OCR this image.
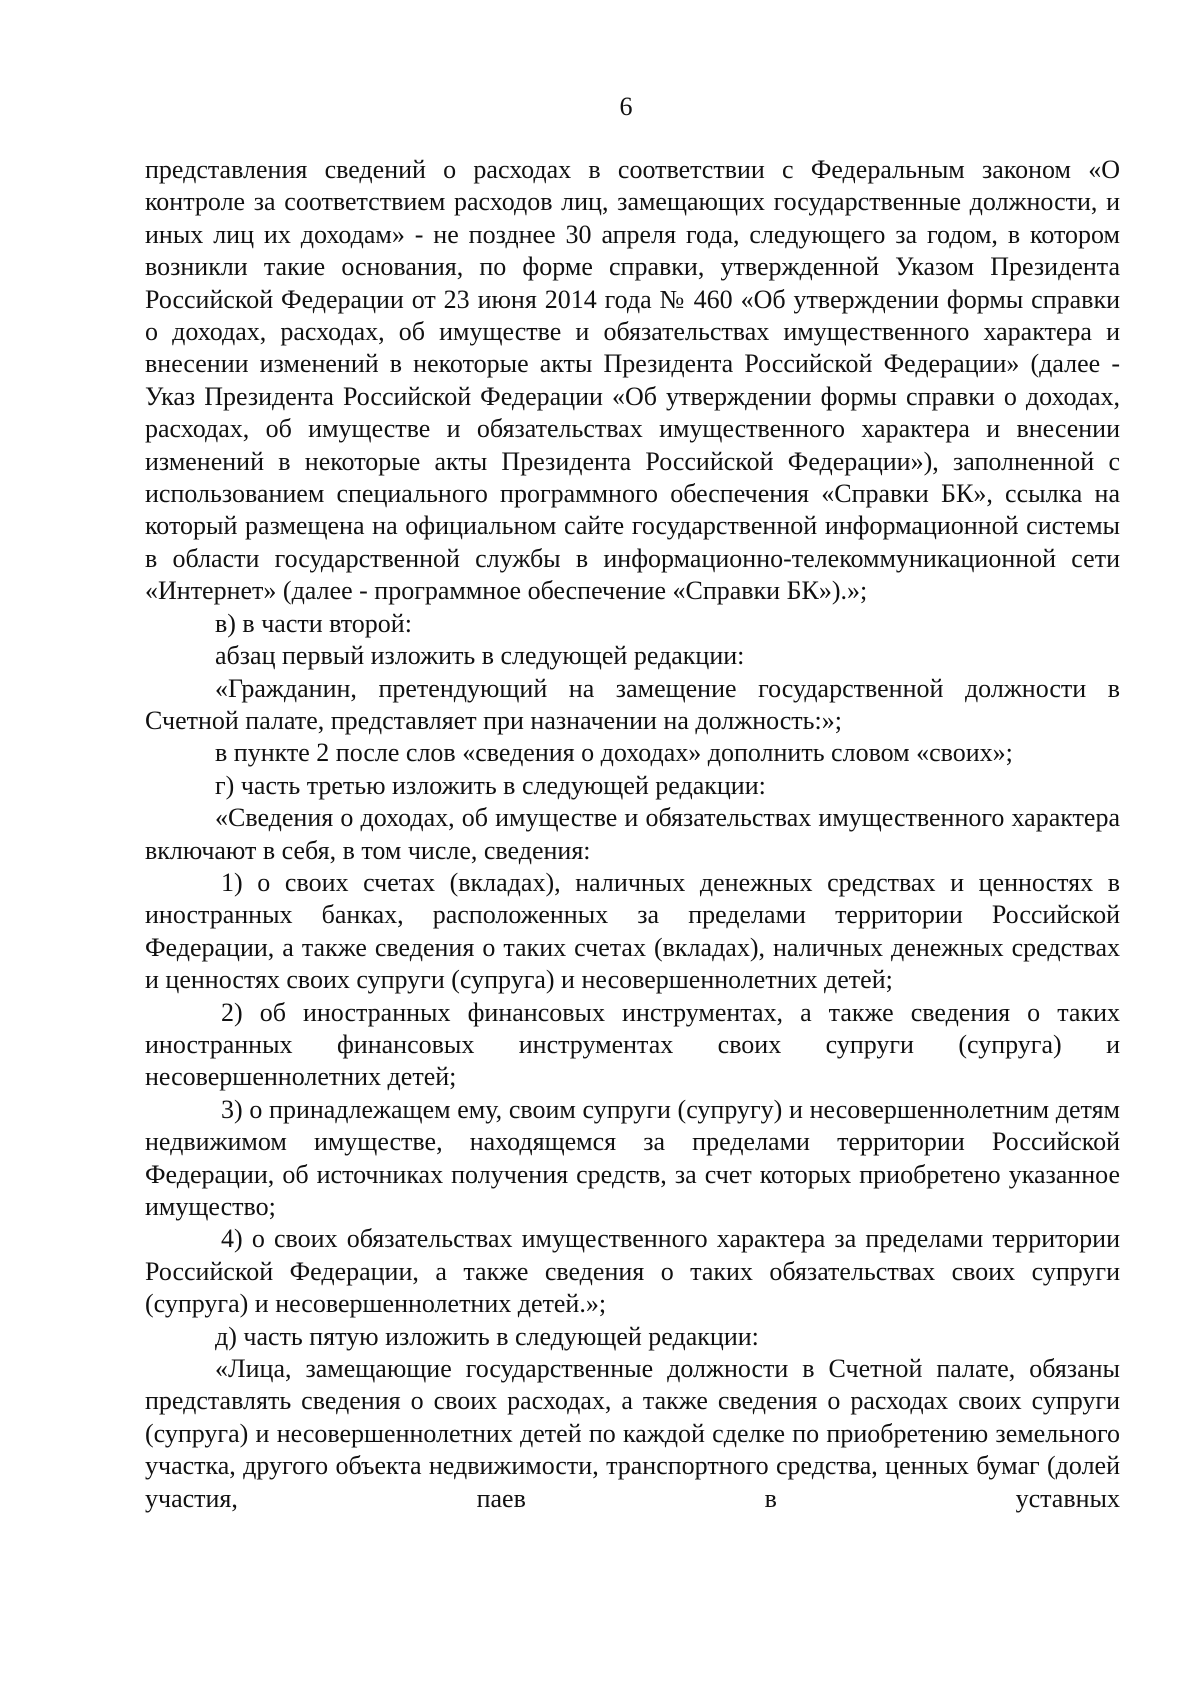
6

представления сведений о расходах в соответствии с Федеральным законом «О контроле за соответствием расходов лиц, замещающих государственные должности, и иных лиц их доходам» - не позднее 30 апреля года, следующего за годом, в котором возникли такие основания, по форме справки, утвержденной Указом Президента Российской Федерации от 23 июня 2014 года № 460 «Об утверждении формы справки о доходах, расходах, об имуществе и обязательствах имущественного характера и внесении изменений в некоторые акты Президента Российской Федерации» (далее - Указ Президента Российской Федерации «Об утверждении формы справки о доходах, расходах, об имуществе и обязательствах имущественного характера и внесении изменений в некоторые акты Президента Российской Федерации»), заполненной с использованием специального программного обеспечения «Справки БК», ссылка на который размещена на официальном сайте государственной информационной системы в области государственной службы в информационно-телекоммуникационной сети «Интернет» (далее - программное обеспечение «Справки БК»).»;

в) в части второй:

абзац первый изложить в следующей редакции:

«Гражданин, претендующий на замещение государственной должности в Счетной палате, представляет при назначении на должность:»;

в пункте 2 после слов «сведения о доходах» дополнить словом «своих»;

г) часть третью изложить в следующей редакции:

«Сведения о доходах, об имуществе и обязательствах имущественного характера включают в себя, в том числе, сведения:

1) о своих счетах (вкладах), наличных денежных средствах и ценностях в иностранных банках, расположенных за пределами территории Российской Федерации, а также сведения о таких счетах (вкладах), наличных денежных средствах и ценностях своих супруги (супруга) и несовершеннолетних детей;

2) об иностранных финансовых инструментах, а также сведения о таких иностранных финансовых инструментах своих супруги (супруга) и несовершеннолетних детей;

3) о принадлежащем ему, своим супруги (супругу) и несовершеннолетним детям недвижимом имуществе, находящемся за пределами территории Российской Федерации, об источниках получения средств, за счет которых приобретено указанное имущество;

4) о своих обязательствах имущественного характера за пределами территории Российской Федерации, а также сведения о таких обязательствах своих супруги (супруга) и несовершеннолетних детей.»;

д) часть пятую изложить в следующей редакции:

«Лица, замещающие государственные должности в Счетной палате, обязаны представлять сведения о своих расходах, а также сведения о расходах своих супруги (супруга) и несовершеннолетних детей по каждой сделке по приобретению земельного участка, другого объекта недвижимости, транспортного средства, ценных бумаг (долей участия, паев в уставных
